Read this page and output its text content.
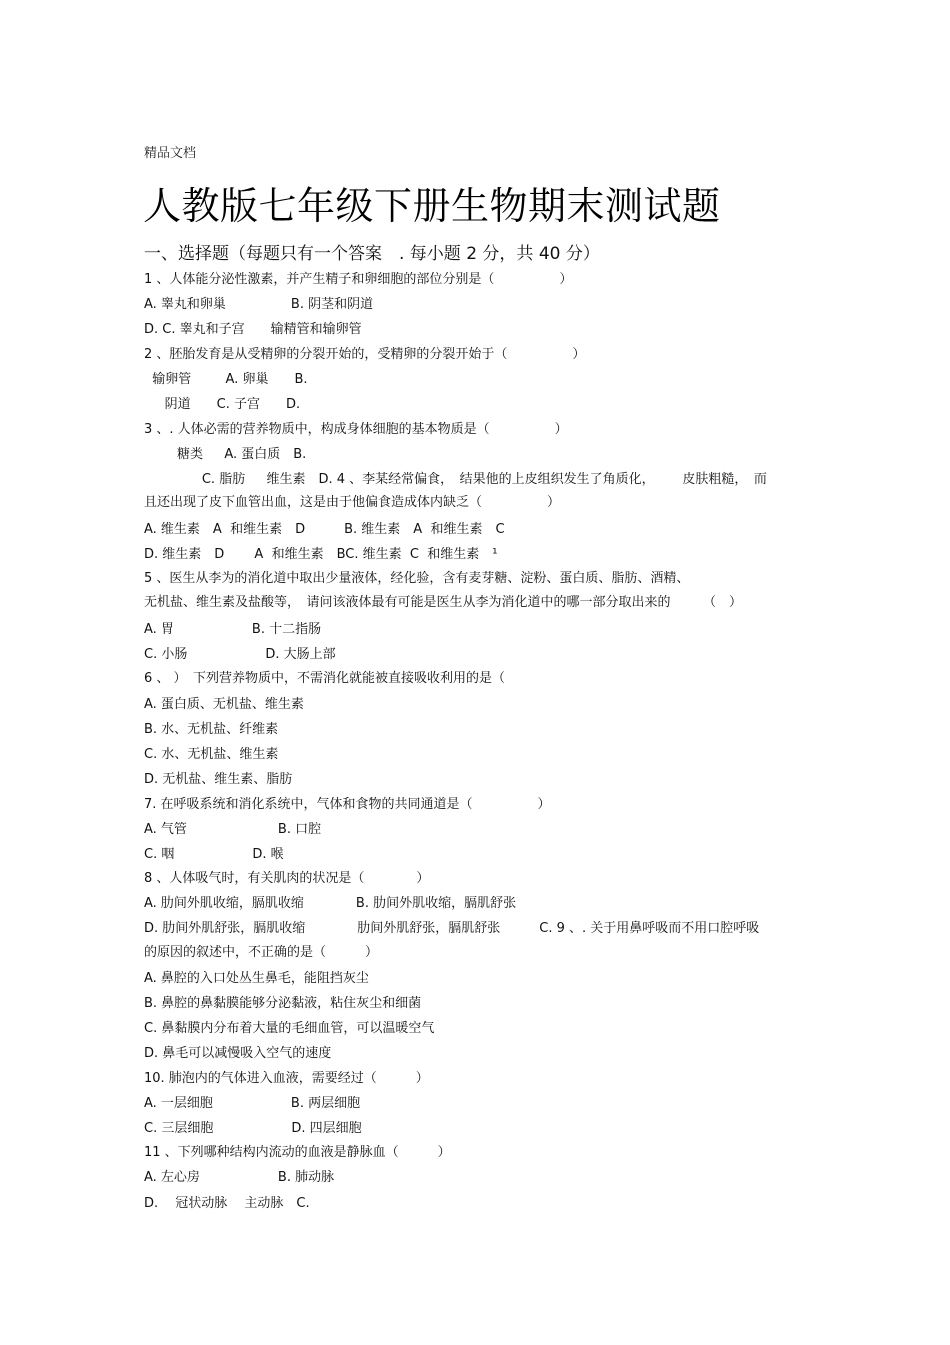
精品文档
人教版七年级下册生物期末测试题
一、选择题（每题只有一个答案　. 每小题 2 分，共 40 分）
1 、人体能分泌性激素，并产生精子和卵细胞的部位分别是（　　　　　）
A. 睾丸和卵巢　　　　　B. 阴茎和阴道
D. C. 睾丸和子宫　　输精管和输卵管
2 、胚胎发育是从受精卵的分裂开始的，受精卵的分裂开始于（　　　　　）
输卵管　　  A. 卵巢　　B.
阴道　　C. 子宫　　D.
3 、. 人体必需的营养物质中，构成身体细胞的基本物质是（　　　　　）
糖类　  A. 蛋白质　B.
C. 脂肪　  维生素　D. 4 、李某经常偏食，　结果他的上皮组织发生了角质化，　　  皮肤粗糙，　而
且还出现了皮下血管出血，这是由于他偏食造成体内缺乏（　　　　　）
A. 维生素　A  和维生素　D　　　B. 维生素　A  和维生素　C
D. 维生素　D　　 A  和维生素　BC. 维生素  C  和维生素　¹
5 、医生从李为的消化道中取出少量液体，经化验，含有麦芽糖、淀粉、蛋白质、脂肪、酒精、
无机盐、维生素及盐酸等，　请问该液体最有可能是医生从李为消化道中的哪一部分取出来的　　　（　）
A. 胃　　　　　　B. 十二指肠
C. 小肠　　　　　　D. 大肠上部
6 、 ）　下列营养物质中，不需消化就能被直接吸收利用的是（
A. 蛋白质、无机盐、维生素
B. 水、无机盐、纤维素
C. 水、无机盐、维生素
D. 无机盐、维生素、脂肪
7. 在呼吸系统和消化系统中，气体和食物的共同通道是（　　　　　）
A. 气管　　　　　　　B. 口腔
C. 咽　　　　　　D. 喉
8 、人体吸气时，有关肌肉的状况是（　　　　）
A. 肋间外肌收缩，膈肌收缩　　　　B. 肋间外肌收缩，膈肌舒张
D. 肋间外肌舒张，膈肌收缩　　　　肋间外肌舒张，膈肌舒张　　　C. 9 、. 关于用鼻呼吸而不用口腔呼吸
的原因的叙述中，不正确的是（　　　）
A. 鼻腔的入口处丛生鼻毛，能阻挡灰尘
B. 鼻腔的鼻黏膜能够分泌黏液，粘住灰尘和细菌
C. 鼻黏膜内分布着大量的毛细血管，可以温暖空气
D. 鼻毛可以减慢吸入空气的速度
10. 肺泡内的气体进入血液，需要经过（　　　）
A. 一层细胞　　　　　　B. 两层细胞
C. 三层细胞　　　　　　D. 四层细胞
11 、下列哪种结构内流动的血液是静脉血（　　　）
A. 左心房　　　　　　B. 肺动脉
D.　 冠状动脉　 主动脉　C.
